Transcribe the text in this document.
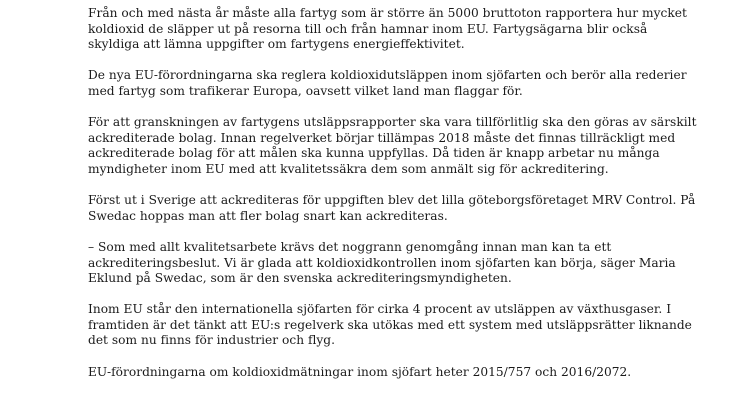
Från och med nästa år måste alla fartyg som är större än 5000 bruttoton rapportera hur mycket koldioxid de släpper ut på resorna till och från hamnar inom EU. Fartygsägarna blir också skyldiga att lämna uppgifter om fartygens energieffektivitet.

De nya EU-förordningarna ska reglera koldioxidutsläppen inom sjöfarten och berör alla rederier med fartyg som trafikerar Europa, oavsett vilket land man flaggar för.

För att granskningen av fartygens utsläppsrapporter ska vara tillförlitlig ska den göras av särskilt ackrediterade bolag. Innan regelverket börjar tillämpas 2018 måste det finnas tillräckligt med ackrediterade bolag för att målen ska kunna uppfyllas. Då tiden är knapp arbetar nu många myndigheter inom EU med att kvalitetssäkra dem som anmält sig för ackreditering.

Först ut i Sverige att ackrediteras för uppgiften blev det lilla göteborgsföretaget MRV Control. På Swedac hoppas man att fler bolag snart kan ackrediteras.

– Som med allt kvalitetsarbete krävs det noggrann genomgång innan man kan ta ett ackrediteringsbeslut. Vi är glada att koldioxidkontrollen inom sjöfarten kan börja, säger Maria Eklund på Swedac, som är den svenska ackrediteringsmyndigheten.

Inom EU står den internationella sjöfarten för cirka 4 procent av utsläppen av växthusgaser. I framtiden är det tänkt att EU:s regelverk ska utökas med ett system med utsläppsrätter liknande det som nu finns för industrier och flyg.

EU-förordningarna om koldioxidmätningar inom sjöfart heter 2015/757 och 2016/2072.
